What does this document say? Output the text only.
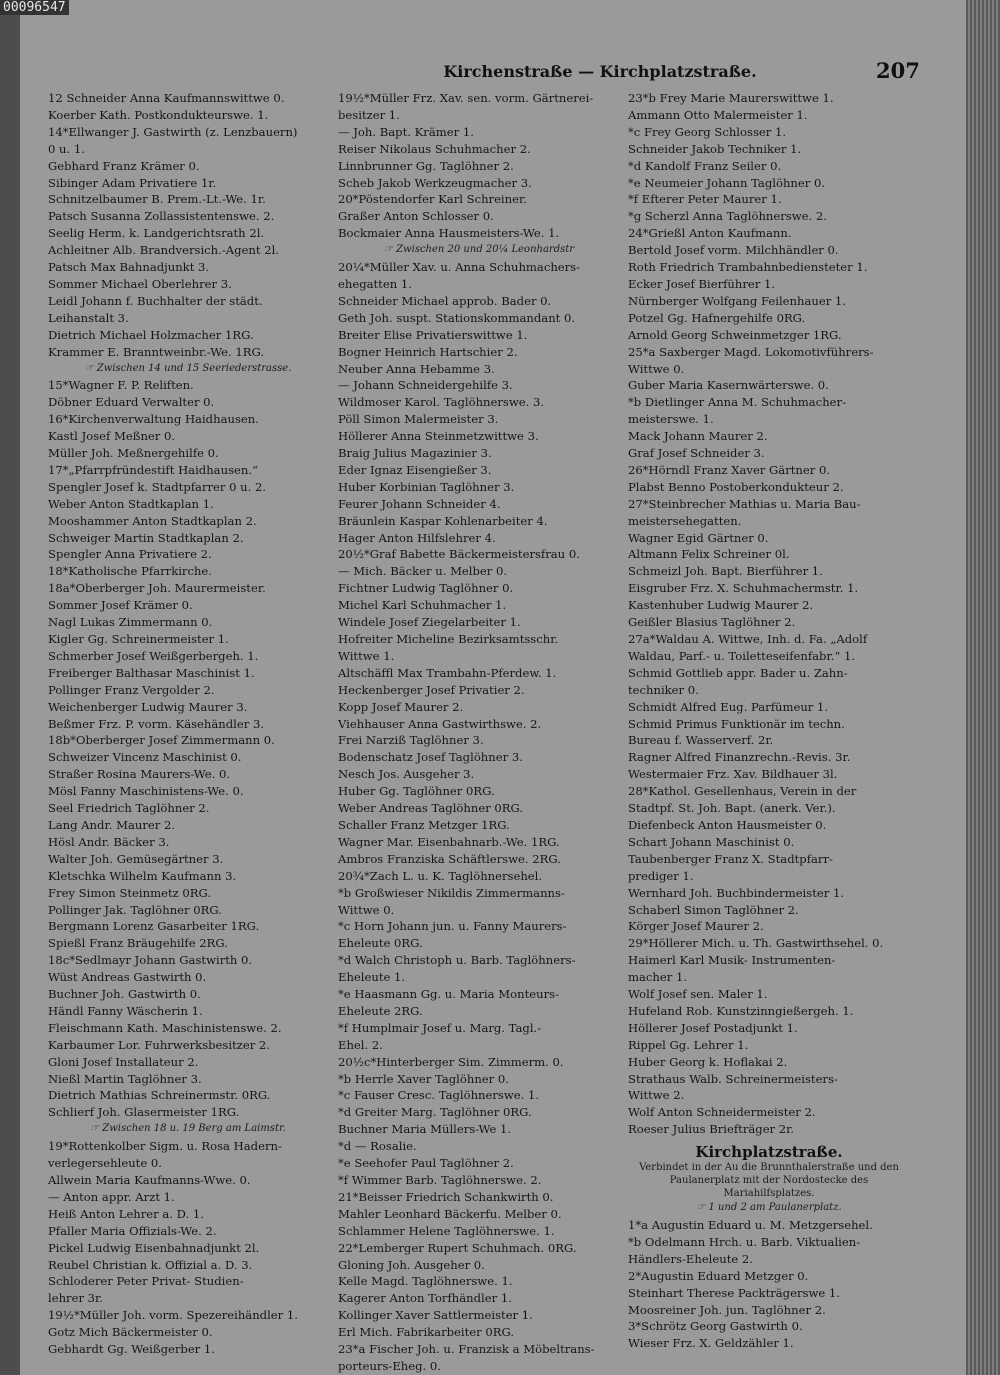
00096547
Kirchenstraße — Kirchplatzstraße.	207
12 Schneider Anna Kaufmannswittwe 0.
Koerber Kath. Postkondukteurswe. 1.
14*Ellwanger J. Gastwirth (z. Lenzbauern)
0 u. 1.
Gebhard Franz Krämer 0.
Sibinger Adam Privatiere 1r.
Schnitzelbaumer B. Prem.-Lt.-We. 1r.
Patsch Susanna Zollassistentenswe. 2.
Seelig Herm. k. Landgerichtsrath 2l.
Achleitner Alb. Brandversich.-Agent 2l.
Patsch Max Bahnadjunkt 3.
Sommer Michael Oberlehrer 3.
Leidl Johann f. Buchhalter der städt.
Leihanstalt 3.
Dietrich Michael Holzmacher 1RG.
Krammer E. Branntweinbr.-We. 1RG.
☞ Zwischen 14 und 15 Seeriederstrasse.
15*Wagner F. P. Reliften.
Döbner Eduard Verwalter 0.
16*Kirchenverwaltung Haidhausen.
Kastl Josef Meßner 0.
Müller Joh. Meßnergehilfe 0.
17*„Pfarrpfründestift Haidhausen.“
Spengler Josef k. Stadtpfarrer 0 u. 2.
Weber Anton Stadtkaplan 1.
Mooshammer Anton Stadtkaplan 2.
Schweiger Martin Stadtkaplan 2.
Spengler Anna Privatiere 2.
18*Katholische Pfarrkirche.
18a*Oberberger Joh. Maurermeister.
Sommer Josef Krämer 0.
Nagl Lukas Zimmermann 0.
Kigler Gg. Schreinermeister 1.
Schmerber Josef Weißgerbergeh. 1.
Freiberger Balthasar Maschinist 1.
Pollinger Franz Vergolder 2.
Weichenberger Ludwig Maurer 3.
Beßmer Frz. P. vorm. Käsehändler 3.
18b*Oberberger Josef Zimmermann 0.
Schweizer Vincenz Maschinist 0.
Straßer Rosina Maurers-We. 0.
Mösl Fanny Maschinistens-We. 0.
Seel Friedrich Taglöhner 2.
Lang Andr. Maurer 2.
Hösl Andr. Bäcker 3.
Walter Joh. Gemüsegärtner 3.
Kletschka Wilhelm Kaufmann 3.
Frey Simon Steinmetz 0RG.
Pollinger Jak. Taglöhner 0RG.
Bergmann Lorenz Gasarbeiter 1RG.
Spießl Franz Bräugehilfe 2RG.
18c*Sedlmayr Johann Gastwirth 0.
Wüst Andreas Gastwirth 0.
Buchner Joh. Gastwirth 0.
Händl Fanny Wäscherin 1.
Fleischmann Kath. Maschinistenswe. 2.
Karbaumer Lor. Fuhrwerksbesitzer 2.
Gloni Josef Installateur 2.
Nießl Martin Taglöhner 3.
Dietrich Mathias Schreinermstr. 0RG.
Schlierf Joh. Glasermeister 1RG.
☞ Zwischen 18 u. 19 Berg am Laimstr.
19*Rottenkolber Sigm. u. Rosa Hadern-
verlegersehleute 0.
Allwein Maria Kaufmanns-Wwe. 0.
— Anton appr. Arzt 1.
Heiß Anton Lehrer a. D. 1.
Pfaller Maria Offizials-We. 2.
Pickel Ludwig Eisenbahnadjunkt 2l.
Reubel Christian k. Offizial a. D. 3.
Schloderer Peter Privat- Studien-
lehrer 3r.
19½*Müller Joh. vorm. Spezereihändler 1.
Gotz Mich Bäckermeister 0.
Gebhardt Gg. Weißgerber 1.
19½*Müller Frz. Xav. sen. vorm. Gärtnerei-
besitzer 1.
— Joh. Bapt. Krämer 1.
Reiser Nikolaus Schuhmacher 2.
Linnbrunner Gg. Taglöhner 2.
Scheb Jakob Werkzeugmacher 3.
20*Pöstendorfer Karl Schreiner.
Graßer Anton Schlosser 0.
Bockmaier Anna Hausmeisters-We. 1.
☞ Zwischen 20 und 20¼ Leonhardstr
20¼*Müller Xav. u. Anna Schuhmachers-
ehegatten 1.
Schneider Michael approb. Bader 0.
Geth Joh. suspt. Stationskommandant 0.
Breiter Elise Privatierswittwe 1.
Bogner Heinrich Hartschier 2.
Neuber Anna Hebamme 3.
— Johann Schneidergehilfe 3.
Wildmoser Karol. Taglöhnerswe. 3.
Pöll Simon Malermeister 3.
Höllerer Anna Steinmetzwittwe 3.
Braig Julius Magazinier 3.
Eder Ignaz Eisengießer 3.
Huber Korbinian Taglöhner 3.
Feurer Johann Schneider 4.
Bräunlein Kaspar Kohlenarbeiter 4.
Hager Anton Hilfslehrer 4.
20½*Graf Babette Bäckermeistersfrau 0.
— Mich. Bäcker u. Melber 0.
Fichtner Ludwig Taglöhner 0.
Michel Karl Schuhmacher 1.
Windele Josef Ziegelarbeiter 1.
Hofreiter Micheline Bezirksamtsschr.
Wittwe 1.
Altschäffl Max Trambahn-Pferdew. 1.
Heckenberger Josef Privatier 2.
Kopp Josef Maurer 2.
Viehhauser Anna Gastwirthswe. 2.
Frei Narziß Taglöhner 3.
Bodenschatz Josef Taglöhner 3.
Nesch Jos. Ausgeher 3.
Huber Gg. Taglöhner 0RG.
Weber Andreas Taglöhner 0RG.
Schaller Franz Metzger 1RG.
Wagner Mar. Eisenbahnarb.-We. 1RG.
Ambros Franziska Schäftlerswe. 2RG.
20¾*Zach L. u. K. Taglöhnersehel.
*b Großwieser Nikildis Zimmermanns-
Wittwe 0.
*c Horn Johann jun. u. Fanny Maurers-
Eheleute 0RG.
*d Walch Christoph u. Barb. Taglöhners-
Eheleute 1.
*e Haasmann Gg. u. Maria Monteurs-
Eheleute 2RG.
*f Humplmair Josef u. Marg. Tagl.-
Ehel. 2.
20½c*Hinterberger Sim. Zimmerm. 0.
*b Herrle Xaver Taglöhner 0.
*c Fauser Cresc. Taglöhnerswe. 1.
*d Greiter Marg. Taglöhner 0RG.
Buchner Maria Müllers-We 1.
*d — Rosalie.
*e Seehofer Paul Taglöhner 2.
*f Wimmer Barb. Taglöhnerswe. 2.
21*Beisser Friedrich Schankwirth 0.
Mahler Leonhard Bäckerfu. Melber 0.
Schlammer Helene Taglöhnerswe. 1.
22*Lemberger Rupert Schuhmach. 0RG.
Gloning Joh. Ausgeher 0.
Kelle Magd. Taglöhnerswe. 1.
Kagerer Anton Torfhändler 1.
Kollinger Xaver Sattlermeister 1.
Erl Mich. Fabrikarbeiter 0RG.
23*a Fischer Joh. u. Franzisk a Möbeltrans-
porteurs-Eheg. 0.
23*b Frey Marie Maurerswittwe 1.
Ammann Otto Malermeister 1.
*c Frey Georg Schlosser 1.
Schneider Jakob Techniker 1.
*d Kandolf Franz Seiler 0.
*e Neumeier Johann Taglöhner 0.
*f Efterer Peter Maurer 1.
*g Scherzl Anna Taglöhnerswe. 2.
24*Grießl Anton Kaufmann.
Bertold Josef vorm. Milchhändler 0.
Roth Friedrich Trambahnbediensteter 1.
Ecker Josef Bierführer 1.
Nürnberger Wolfgang Feilenhauer 1.
Potzel Gg. Hafnergehilfe 0RG.
Arnold Georg Schweinmetzger 1RG.
25*a Saxberger Magd. Lokomotivführers-
Wittwe 0.
Guber Maria Kasernwärterswe. 0.
*b Dietlinger Anna M. Schuhmacher-
meisterswe. 1.
Mack Johann Maurer 2.
Graf Josef Schneider 3.
26*Hörndl Franz Xaver Gärtner 0.
Plabst Benno Postoberkondukteur 2.
27*Steinbrecher Mathias u. Maria Bau-
meistersehegatten.
Wagner Egid Gärtner 0.
Altmann Felix Schreiner 0l.
Schmeizl Joh. Bapt. Bierführer 1.
Eisgruber Frz. X. Schuhmachermstr. 1.
Kastenhuber Ludwig Maurer 2.
Geißler Blasius Taglöhner 2.
27a*Waldau A. Wittwe, Inh. d. Fa. „Adolf
Waldau, Parf.- u. Toiletteseifenfabr.“ 1.
Schmid Gottlieb appr. Bader u. Zahn-
techniker 0.
Schmidt Alfred Eug. Parfümeur 1.
Schmid Primus Funktionär im techn.
Bureau f. Wasserverf. 2r.
Ragner Alfred Finanzrechn.-Revis. 3r.
Westermaier Frz. Xav. Bildhauer 3l.
28*Kathol. Gesellenhaus, Verein in der
Stadtpf. St. Joh. Bapt. (anerk. Ver.).
Diefenbeck Anton Hausmeister 0.
Schart Johann Maschinist 0.
Taubenberger Franz X. Stadtpfarr-
prediger 1.
Wernhard Joh. Buchbindermeister 1.
Schaberl Simon Taglöhner 2.
Körger Josef Maurer 2.
29*Höllerer Mich. u. Th. Gastwirthsehel. 0.
Haimerl Karl Musik- Instrumenten-
macher 1.
Wolf Josef sen. Maler 1.
Hufeland Rob. Kunstzinngießergeh. 1.
Höllerer Josef Postadjunkt 1.
Rippel Gg. Lehrer 1.
Huber Georg k. Hoflakai 2.
Strathaus Walb. Schreinermeisters-
Wittwe 2.
Wolf Anton Schneidermeister 2.
Roeser Julius Briefträger 2r.
Kirchplatzstraße.
Verbindet in der Au die Brunnthalerstraße und den
Paulanerplatz mit der Nordostecke des Mariahilfsplatzes.
☞ 1 und 2 am Paulanerplatz.
1*a Augustin Eduard u. M. Metzgersehel.
*b Odelmann Hrch. u. Barb. Viktualien-
Händlers-Eheleute 2.
2*Augustin Eduard Metzger 0.
Steinhart Therese Packträgerswe 1.
Moosreiner Joh. jun. Taglöhner 2.
3*Schrötz Georg Gastwirth 0.
Wieser Frz. X. Geldzähler 1.
